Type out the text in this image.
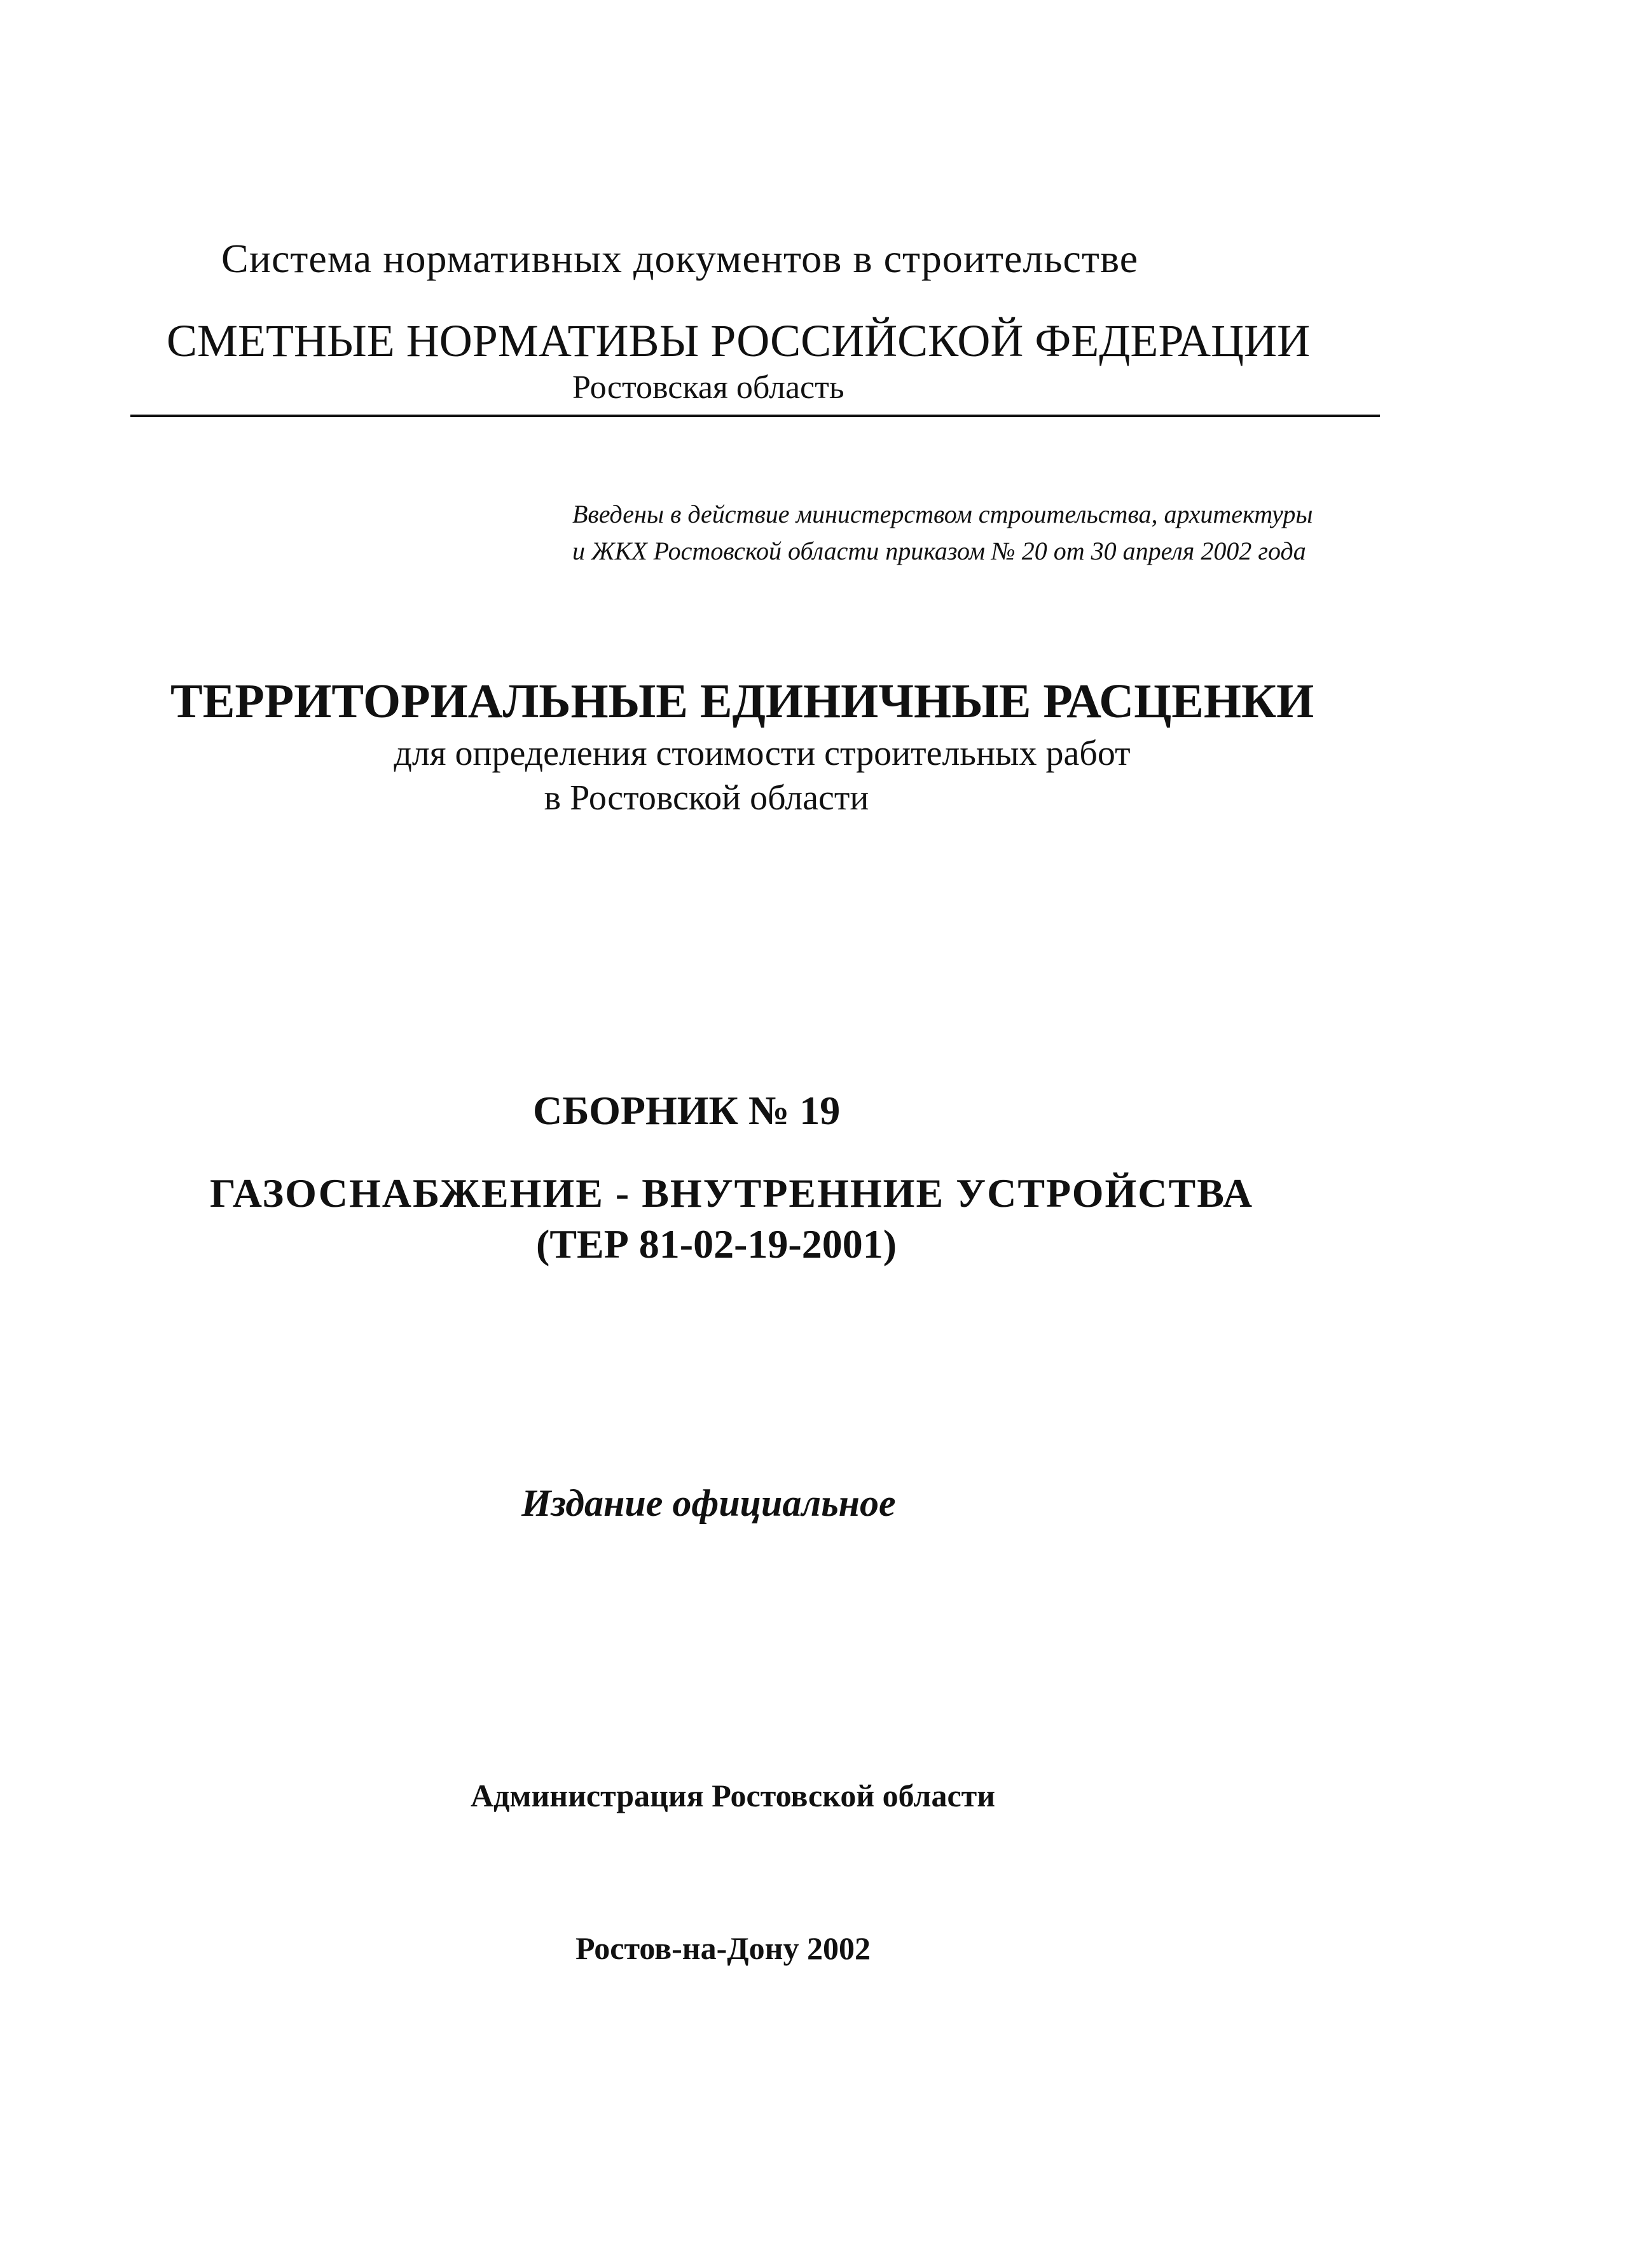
Система нормативных документов в строительстве
СМЕТНЫЕ НОРМАТИВЫ РОССИЙСКОЙ ФЕДЕРАЦИИ
Ростовская область
Введены в действие министерством строительства, архитектуры
и ЖКХ Ростовской области приказом № 20 от 30 апреля 2002 года
ТЕРРИТОРИАЛЬНЫЕ ЕДИНИЧНЫЕ РАСЦЕНКИ
для определения стоимости строительных работ
в Ростовской области
СБОРНИК № 19
ГАЗОСНАБЖЕНИЕ - ВНУТРЕННИЕ УСТРОЙСТВА
(ТЕР 81-02-19-2001)
Издание официальное
Администрация Ростовской области
Ростов-на-Дону 2002
